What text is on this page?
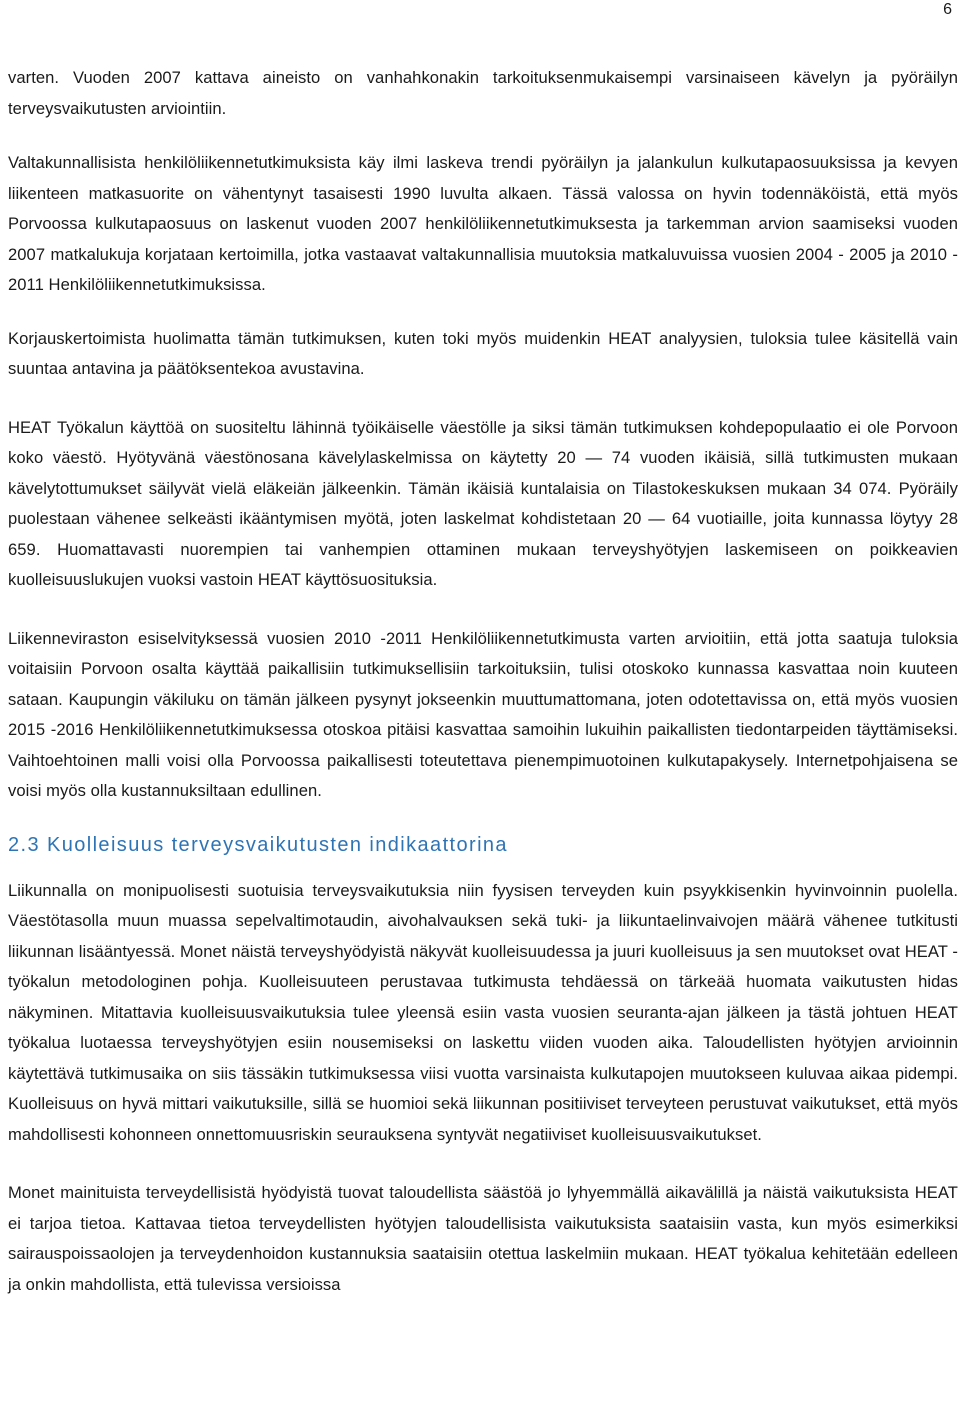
6

varten. Vuoden 2007 kattava aineisto on vanhahkonakin tarkoituksenmukaisempi varsinaiseen kävelyn ja pyöräilyn terveysvaikutusten arviointiin.

Valtakunnallisista henkilöliikennetutkimuksista käy ilmi laskeva trendi pyöräilyn ja jalankulun kulkutapaosuuksissa ja kevyen liikenteen matkasuorite on vähentynyt tasaisesti 1990 luvulta alkaen. Tässä valossa on hyvin todennäköistä, että myös Porvoossa kulkutapaosuus on laskenut vuoden 2007 henkilöliikennetutkimuksesta ja tarkemman arvion saamiseksi vuoden 2007 matkalukuja korjataan kertoimilla, jotka vastaavat valtakunnallisia muutoksia matkaluvuissa vuosien 2004 - 2005 ja 2010 - 2011 Henkilöliikennetutkimuksissa.

Korjauskertoimista huolimatta tämän tutkimuksen, kuten toki myös muidenkin HEAT analyysien, tuloksia tulee käsitellä vain suuntaa antavina ja päätöksentekoa avustavina.

HEAT Työkalun käyttöä on suositeltu lähinnä työikäiselle väestölle ja siksi tämän tutkimuksen kohdepopulaatio ei ole Porvoon koko väestö. Hyötyvänä väestönosana kävelylaskelmissa on käytetty 20 — 74 vuoden ikäisiä, sillä tutkimusten mukaan kävelytottumukset säilyvät vielä eläkeiän jälkeenkin. Tämän ikäisiä kuntalaisia on Tilastokeskuksen mukaan 34 074. Pyöräily puolestaan vähenee selkeästi ikääntymisen myötä, joten laskelmat kohdistetaan 20 — 64 vuotiaille, joita kunnassa löytyy 28 659. Huomattavasti nuorempien tai vanhempien ottaminen mukaan terveyshyötyjen laskemiseen on poikkeavien kuolleisuuslukujen vuoksi vastoin HEAT käyttösuosituksia.

Liikenneviraston esiselvityksessä vuosien 2010 -2011 Henkilöliikennetutkimusta varten arvioitiin, että jotta saatuja tuloksia voitaisiin Porvoon osalta käyttää paikallisiin tutkimuksellisiin tarkoituksiin, tulisi otoskoko kunnassa kasvattaa noin kuuteen sataan. Kaupungin väkiluku on tämän jälkeen pysynyt jokseenkin muuttumattomana, joten odotettavissa on, että myös vuosien 2015 -2016 Henkilöliikennetutkimuksessa otoskoa pitäisi kasvattaa samoihin lukuihin paikallisten tiedontarpeiden täyttämiseksi. Vaihtoehtoinen malli voisi olla Porvoossa paikallisesti toteutettava pienempimuotoinen kulkutapakysely. Internetpohjaisena se voisi myös olla kustannuksiltaan edullinen.

2.3 Kuolleisuus terveysvaikutusten indikaattorina

Liikunnalla on monipuolisesti suotuisia terveysvaikutuksia niin fyysisen terveyden kuin psyykkisenkin hyvinvoinnin puolella. Väestötasolla muun muassa sepelvaltimotaudin, aivohalvauksen sekä tuki- ja liikuntaelinvaivojen määrä vähenee tutkitusti liikunnan lisääntyessä. Monet näistä terveyshyödyistä näkyvät kuolleisuudessa ja juuri kuolleisuus ja sen muutokset ovat HEAT -työkalun metodologinen pohja. Kuolleisuuteen perustavaa tutkimusta tehdäessä on tärkeää huomata vaikutusten hidas näkyminen. Mitattavia kuolleisuusvaikutuksia tulee yleensä esiin vasta vuosien seuranta-ajan jälkeen ja tästä johtuen HEAT työkalua luotaessa terveyshyötyjen esiin nousemiseksi on laskettu viiden vuoden aika. Taloudellisten hyötyjen arvioinnin käytettävä tutkimusaika on siis tässäkin tutkimuksessa viisi vuotta varsinaista kulkutapojen muutokseen kuluvaa aikaa pidempi. Kuolleisuus on hyvä mittari vaikutuksille, sillä se huomioi sekä liikunnan positiiviset terveyteen perustuvat vaikutukset, että myös mahdollisesti kohonneen onnettomuusriskin seurauksena syntyvät negatiiviset kuolleisuusvaikutukset.

Monet mainituista terveydellisistä hyödyistä tuovat taloudellista säästöä jo lyhyemmällä aikavälillä ja näistä vaikutuksista HEAT ei tarjoa tietoa. Kattavaa tietoa terveydellisten hyötyjen taloudellisista vaikutuksista saataisiin vasta, kun myös esimerkiksi sairauspoissaolojen ja terveydenhoidon kustannuksia saataisiin otettua laskelmiin mukaan. HEAT työkalua kehitetään edelleen ja onkin mahdollista, että tulevissa versioissa
